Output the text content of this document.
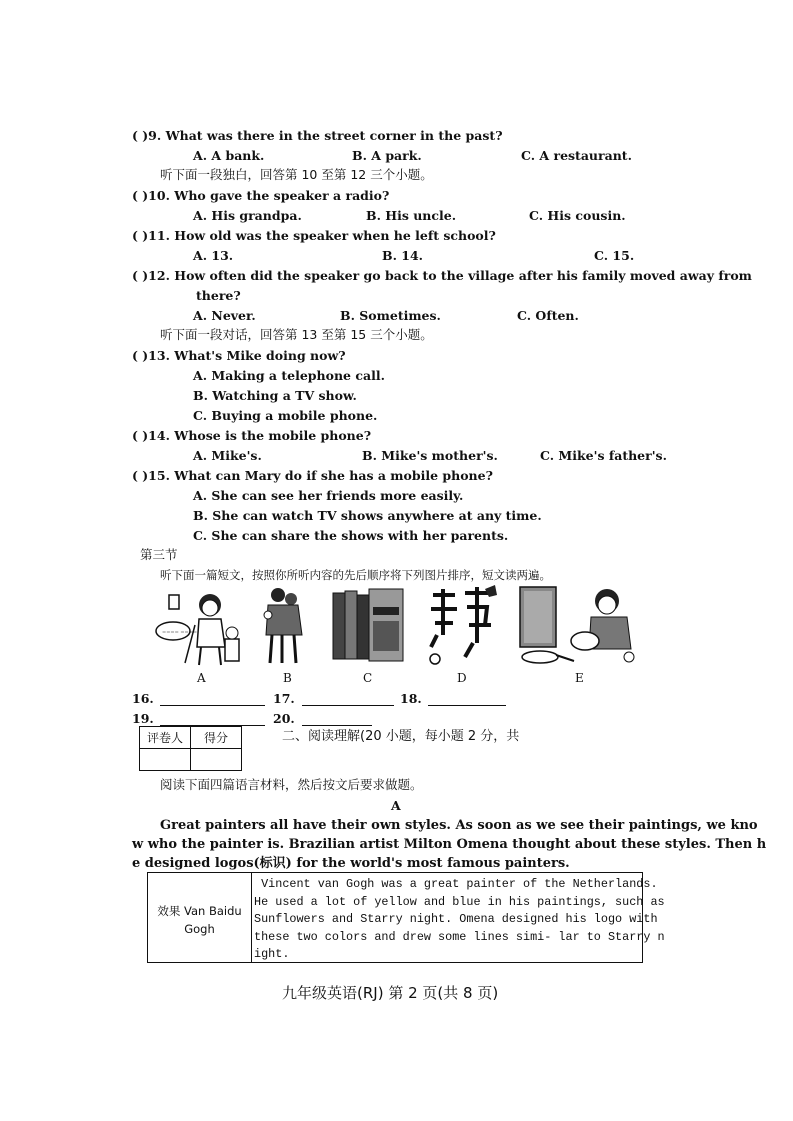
( )9. What was there in the street corner in the past?
A. A bank.	B. A park.	C. A restaurant.
听下面一段独白，回答第 10 至第 12 三个小题。
( )10. Who gave the speaker a radio?
A. His grandpa.	B. His uncle.	C. His cousin.
( )11. How old was the speaker when he left school?
A. 13.	B. 14.	C. 15.
( )12. How often did the speaker go back to the village after his family moved away from
there?
A. Never.	B. Sometimes.	C. Often.
听下面一段对话，回答第 13 至第 15 三个小题。
( )13. What's Mike doing now?
A. Making a telephone call.
B. Watching a TV show.
C. Buying a mobile phone.
( )14. Whose is the mobile phone?
A. Mike's.	B. Mike's mother's.	C. Mike's father's.
( )15. What can Mary do if she has a mobile phone?
A. She can see her friends more easily.
B. She can watch TV shows anywhere at any time.
C. She can share the shows with her parents.
第三节
听下面一篇短文，按照你所听内容的先后顺序将下列图片排序，短文读两遍。
==== ====
A	B	C	D	E
16.	17.	18.
19.	20.
评卷人	得分
		二、阅读理解(20 小题，每小题 2 分，共
阅读下面四篇语言材料，然后按文后要求做题。
A
Great painters all have their own styles. As soon as we see their paintings, we kno
w who the painter is. Brazilian artist Milton Omena thought about these styles. Then h
e designed logos(标识) for the world's most famous painters.
效果 Van Baidu Gogh
Vincent van Gogh was a great painter of the Netherlands.
He used a lot of yellow and blue in his paintings, such as
Sunflowers and Starry night. Omena designed his logo with
these two colors and drew some lines simi- lar to Starry n
ight.
九年级英语(RJ) 第 2 页(共 8 页)
